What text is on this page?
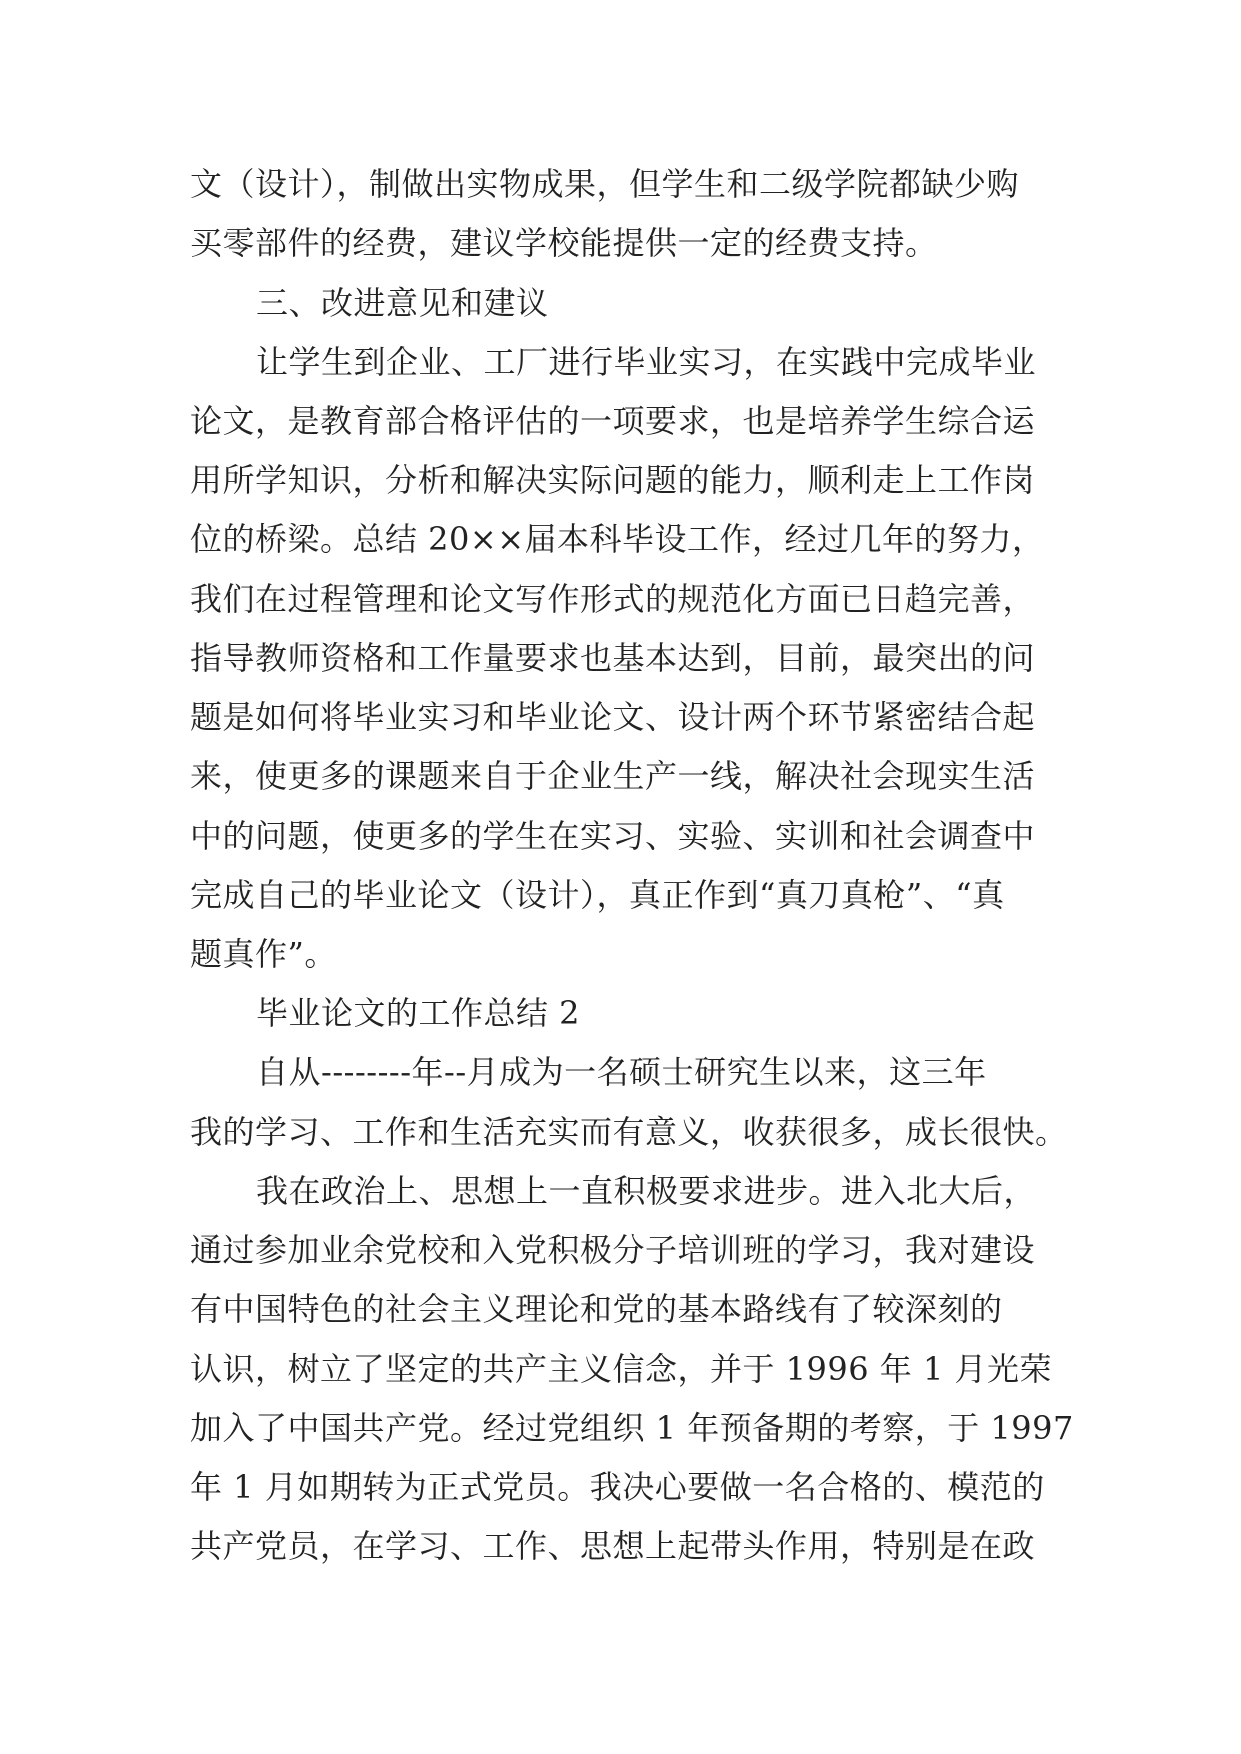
文（设计），制做出实物成果，但学生和二级学院都缺少购
买零部件的经费，建议学校能提供一定的经费支持。
三、改进意见和建议
让学生到企业、工厂进行毕业实习，在实践中完成毕业
论文，是教育部合格评估的一项要求，也是培养学生综合运
用所学知识，分析和解决实际问题的能力，顺利走上工作岗
位的桥梁。总结 20××届本科毕设工作，经过几年的努力，
我们在过程管理和论文写作形式的规范化方面已日趋完善，
指导教师资格和工作量要求也基本达到，目前，最突出的问
题是如何将毕业实习和毕业论文、设计两个环节紧密结合起
来，使更多的课题来自于企业生产一线，解决社会现实生活
中的问题，使更多的学生在实习、实验、实训和社会调查中
完成自己的毕业论文（设计），真正作到“真刀真枪”、“真
题真作”。
毕业论文的工作总结 2
自从--------年--月成为一名硕士研究生以来，这三年
我的学习、工作和生活充实而有意义，收获很多，成长很快。
我在政治上、思想上一直积极要求进步。进入北大后，
通过参加业余党校和入党积极分子培训班的学习，我对建设
有中国特色的社会主义理论和党的基本路线有了较深刻的
认识，树立了坚定的共产主义信念，并于 1996 年 1 月光荣
加入了中国共产党。经过党组织 1 年预备期的考察，于 1997
年 1 月如期转为正式党员。我决心要做一名合格的、模范的
共产党员，在学习、工作、思想上起带头作用，特别是在政
